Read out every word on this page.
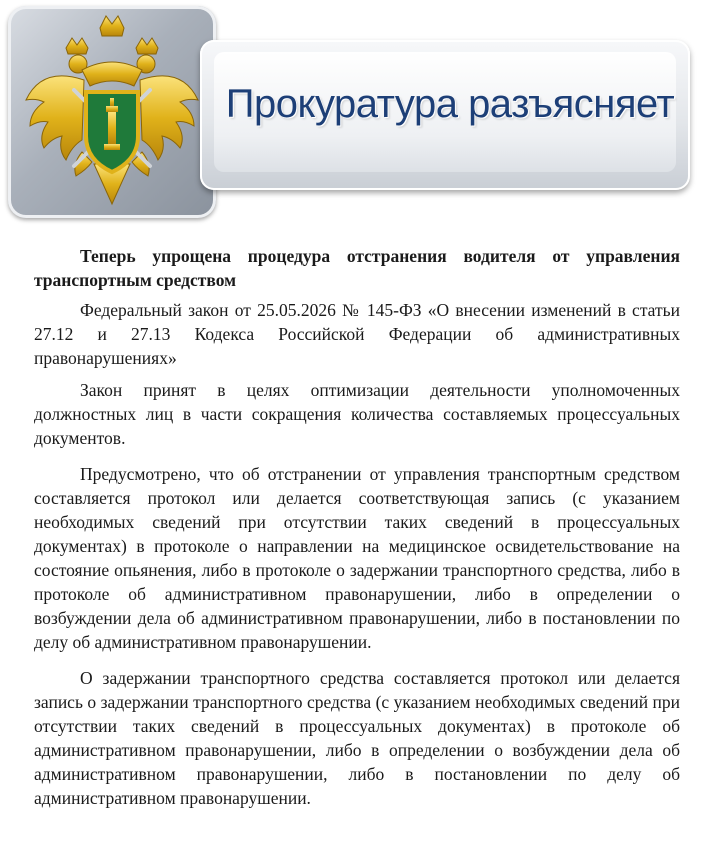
Прокуратура разъясняет

Теперь упрощена процедура отстранения водителя от управления транспортным средством

Федеральный закон от 25.05.2026 № 145-ФЗ «О внесении изменений в статьи 27.12 и 27.13 Кодекса Российской Федерации об административных правонарушениях»

Закон принят в целях оптимизации деятельности уполномоченных должностных лиц в части сокращения количества составляемых процессуальных документов.

Предусмотрено, что об отстранении от управления транспортным средством составляется протокол или делается соответствующая запись (с указанием необходимых сведений при отсутствии таких сведений в процессуальных документах) в протоколе о направлении на медицинское освидетельствование на состояние опьянения, либо в протоколе о задержании транспортного средства, либо в протоколе об административном правонарушении, либо в определении о возбуждении дела об административном правонарушении, либо в постановлении по делу об административном правонарушении.

О задержании транспортного средства составляется протокол или делается запись о задержании транспортного средства (с указанием необходимых сведений при отсутствии таких сведений в процессуальных документах) в протоколе об административном правонарушении, либо в определении о возбуждении дела об административном правонарушении, либо в постановлении по делу об административном правонарушении.
